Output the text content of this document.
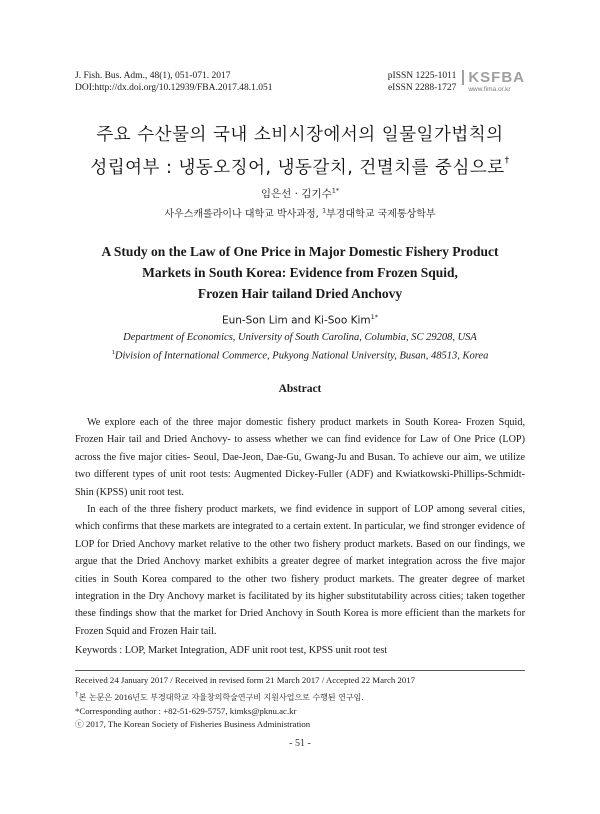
J. Fish. Bus. Adm., 48(1), 051-071. 2017
DOI:http://dx.doi.org/10.12939/FBA.2017.48.1.051
pISSN 1225-1011
eISSN 2288-1727
KSFBA
www.fima.or.kr
주요 수산물의 국내 소비시장에서의 일물일가법칙의
성립여부 : 냉동오징어, 냉동갈치, 건멸치를 중심으로†
임은선 · 김기수$^{1*}$
사우스캐롤라이나 대학교 박사과정, $^1$부경대학교 국제통상학부
A Study on the Law of One Price in Major Domestic Fishery Product
Markets in South Korea: Evidence from Frozen Squid,
Frozen Hair tailand Dried Anchovy
Eun-Son Lim and Ki-Soo Kim$^{1*}$
Department of Economics, University of South Carolina, Columbia, SC 29208, USA
$^1$Division of International Commerce, Pukyong National University, Busan, 48513, Korea
Abstract

We explore each of the three major domestic fishery product markets in South Korea- Frozen Squid, Frozen Hair tail and Dried Anchovy- to assess whether we can find evidence for Law of One Price (LOP) across the five major cities- Seoul, Dae-Jeon, Dae-Gu, Gwang-Ju and Busan. To achieve our aim, we utilize two different types of unit root tests: Augmented Dickey-Fuller (ADF) and Kwiatkowski-Phillips-Schmidt-Shin (KPSS) unit root test.

In each of the three fishery product markets, we find evidence in support of LOP among several cities, which confirms that these markets are integrated to a certain extent. In particular, we find stronger evidence of LOP for Dried Anchovy market relative to the other two fishery product markets. Based on our findings, we argue that the Dried Anchovy market exhibits a greater degree of market integration across the five major cities in South Korea compared to the other two fishery product markets. The greater degree of market integration in the Dry Anchovy market is facilitated by its higher substitutability across cities; taken together these findings show that the market for Dried Anchovy in South Korea is more efficient than the markets for Frozen Squid and Frozen Hair tail.

Keywords : LOP, Market Integration, ADF unit root test, KPSS unit root test
Received 24 January 2017 / Received in revised form 21 March 2017 / Accepted 22 March 2017
†본 논문은 2016년도 부경대학교 자율창의학술연구비 지원사업으로 수행된 연구임.
*Corresponding author : +82-51-629-5757, kimks@pknu.ac.kr
ⓒ 2017, The Korean Society of Fisheries Business Administration
- 51 -
